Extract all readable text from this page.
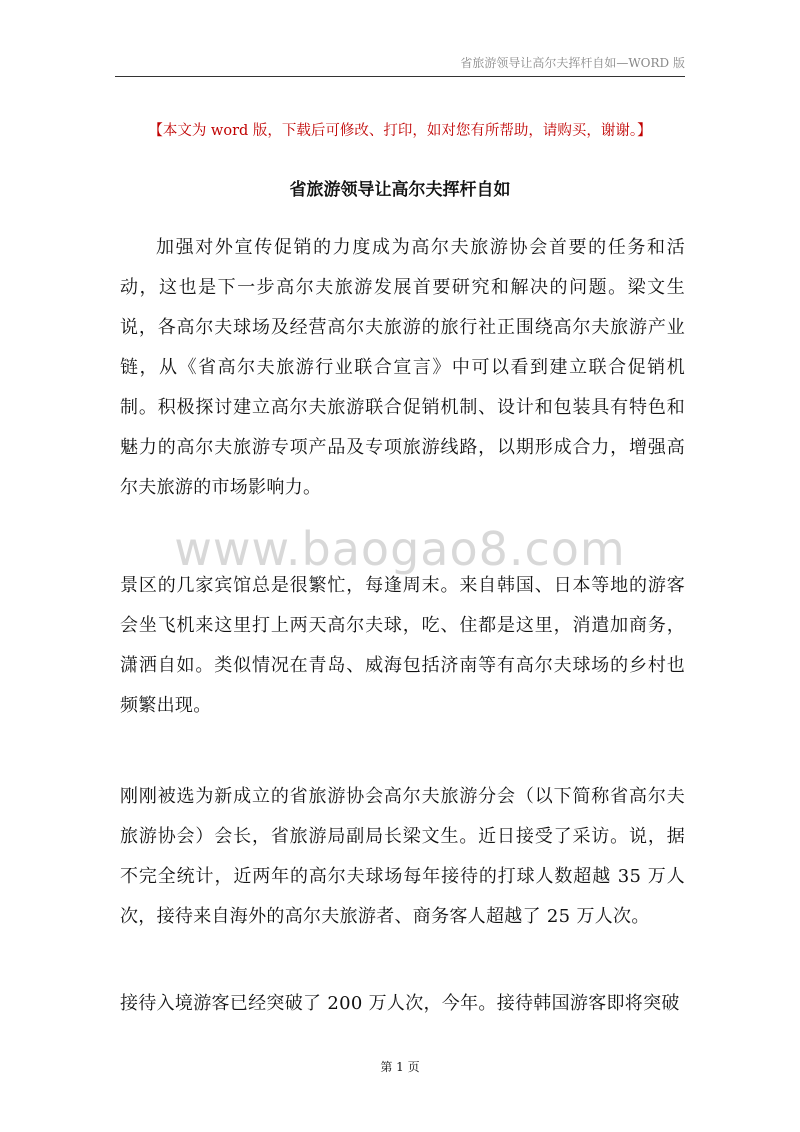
省旅游领导让高尔夫挥杆自如—WORD 版
【本文为 word 版，下载后可修改、打印，如对您有所帮助，请购买，谢谢。】
省旅游领导让高尔夫挥杆自如

加强对外宣传促销的力度成为高尔夫旅游协会首要的任务和活动，这也是下一步高尔夫旅游发展首要研究和解决的问题。梁文生说，各高尔夫球场及经营高尔夫旅游的旅行社正围绕高尔夫旅游产业链，从《省高尔夫旅游行业联合宣言》中可以看到建立联合促销机制。积极探讨建立高尔夫旅游联合促销机制、设计和包装具有特色和魅力的高尔夫旅游专项产品及专项旅游线路，以期形成合力，增强高尔夫旅游的市场影响力。

www.baogao8.com

景区的几家宾馆总是很繁忙，每逢周末。来自韩国、日本等地的游客会坐飞机来这里打上两天高尔夫球，吃、住都是这里，消遣加商务，潇洒自如。类似情况在青岛、威海包括济南等有高尔夫球场的乡村也频繁出现。

刚刚被选为新成立的省旅游协会高尔夫旅游分会（以下简称省高尔夫旅游协会）会长，省旅游局副局长梁文生。近日接受了采访。说，据不完全统计，近两年的高尔夫球场每年接待的打球人数超越 35 万人次，接待来自海外的高尔夫旅游者、商务客人超越了 25 万人次。

接待入境游客已经突破了 200 万人次，今年。接待韩国游客即将突破

第 1 页
